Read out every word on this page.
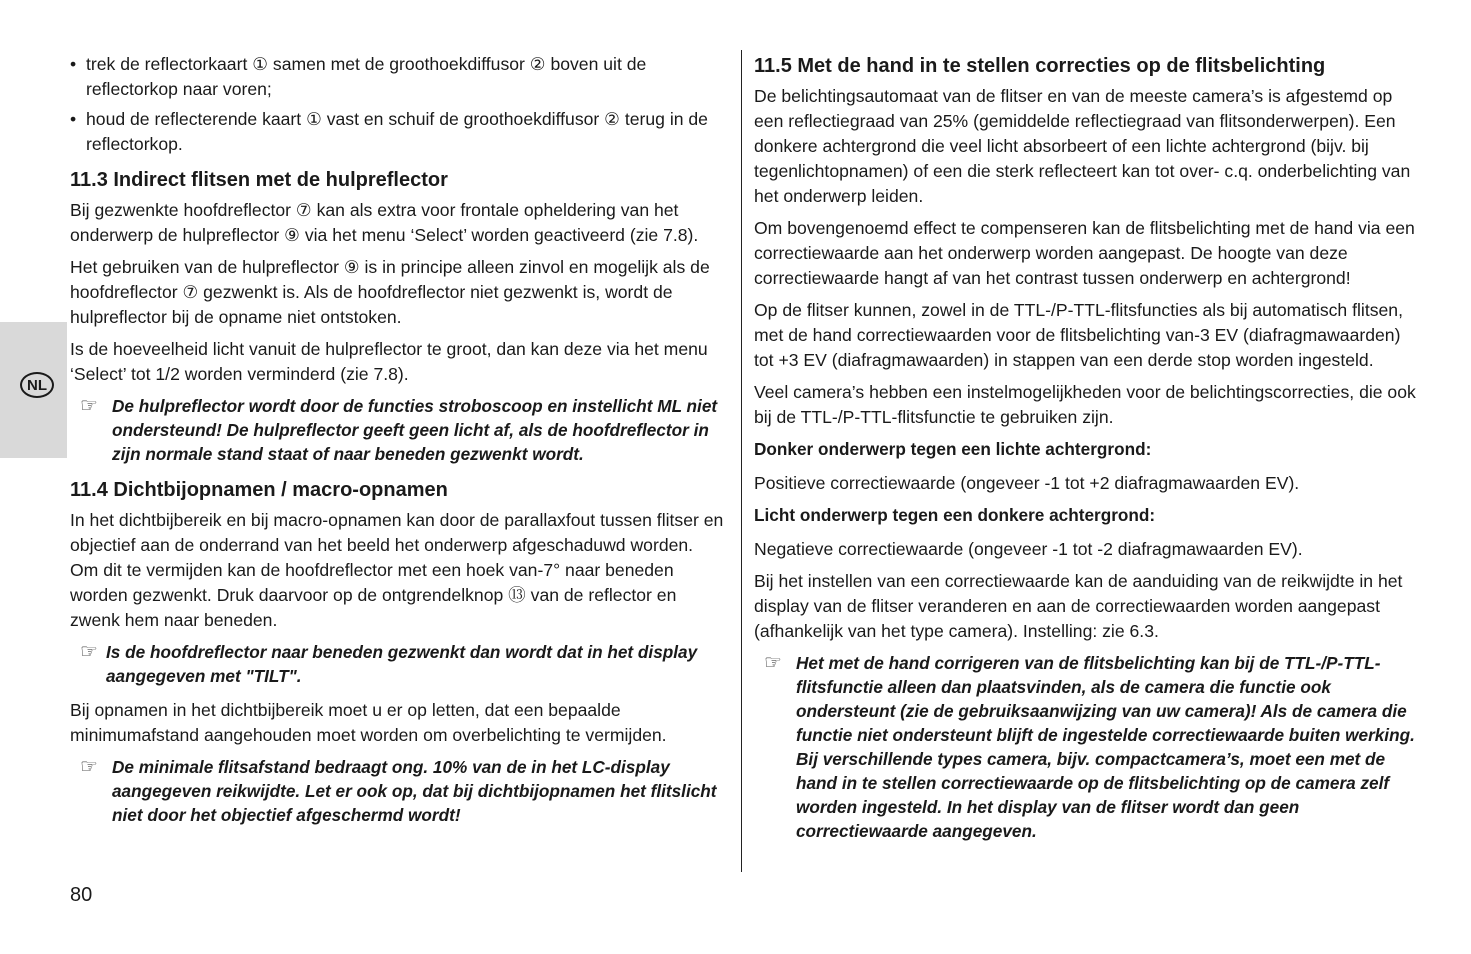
NL
• trek de reflectorkaart ① samen met de groothoekdiffusor ② boven uit de reflectorkop naar voren;
• houd de reflecterende kaart ① vast en schuif de groothoekdiffusor ② terug in de reflectorkop.
11.3 Indirect flitsen met de hulpreflector

Bij gezwenkte hoofdreflector ⑦ kan als extra voor frontale opheldering van het onderwerp de hulpreflector ⑨ via het menu ‘Select’ worden geactiveerd (zie 7.8).

Het gebruiken van de hulpreflector ⑨ is in principe alleen zinvol en mogelijk als de hoofdreflector ⑦ gezwenkt is. Als de hoofdreflector niet gezwenkt is, wordt de hulpreflector bij de opname niet ontstoken.

Is de hoeveelheid licht vanuit de hulpreflector te groot, dan kan deze via het menu ‘Select’ tot 1/2 worden verminderd (zie 7.8).

☞ De hulpreflector wordt door de functies stroboscoop en instellicht ML niet ondersteund! De hulpreflector geeft geen licht af, als de hoofdreflector in zijn normale stand staat of naar beneden gezwenkt wordt.
11.4 Dichtbijopnamen / macro-opnamen

In het dichtbijbereik en bij macro-opnamen kan door de parallaxfout tussen flitser en objectief aan de onderrand van het beeld het onderwerp afgeschaduwd worden. Om dit te vermijden kan de hoofdreflector met een hoek van-7° naar beneden worden gezwenkt. Druk daarvoor op de ontgrendelknop ⑬ van de reflector en zwenk hem naar beneden.

☞ Is de hoofdreflector naar beneden gezwenkt dan wordt dat in het display aangegeven met "TILT".

Bij opnamen in het dichtbijbereik moet u er op letten, dat een bepaalde minimumafstand aangehouden moet worden om overbelichting te vermijden.

☞ De minimale flitsafstand bedraagt ong. 10% van de in het LC-display aangegeven reikwijdte. Let er ook op, dat bij dichtbijopnamen het flitslicht niet door het objectief afgeschermd wordt!
11.5 Met de hand in te stellen correcties op de flitsbelichting

De belichtingsautomaat van de flitser en van de meeste camera’s is afgestemd op een reflectiegraad van 25% (gemiddelde reflectiegraad van flitsonderwerpen). Een donkere achtergrond die veel licht absorbeert of een lichte achtergrond (bijv. bij tegenlichtopnamen) of een die sterk reflecteert kan tot over- c.q. onderbelichting van het onderwerp leiden.

Om bovengenoemd effect te compenseren kan de flitsbelichting met de hand via een correctiewaarde aan het onderwerp worden aangepast. De hoogte van deze correctiewaarde hangt af van het contrast tussen onderwerp en achtergrond!

Op de flitser kunnen, zowel in de TTL-/P-TTL-flitsfuncties als bij automatisch flitsen, met de hand correctiewaarden voor de flitsbelichting van-3 EV (diafragmawaarden) tot +3 EV (diafragmawaarden) in stappen van een derde stop worden ingesteld.

Veel camera’s hebben een instelmogelijkheden voor de belichtingscorrecties, die ook bij de TTL-/P-TTL-flitsfunctie te gebruiken zijn.

Donker onderwerp tegen een lichte achtergrond:

Positieve correctiewaarde (ongeveer -1 tot +2 diafragmawaarden EV).

Licht onderwerp tegen een donkere achtergrond:

Negatieve correctiewaarde (ongeveer -1 tot -2 diafragmawaarden EV).

Bij het instellen van een correctiewaarde kan de aanduiding van de reikwijdte in het display van de flitser veranderen en aan de correctiewaarden worden aangepast (afhankelijk van het type camera). Instelling: zie 6.3.

☞ Het met de hand corrigeren van de flitsbelichting kan bij de TTL-/P-TTL-flitsfunctie alleen dan plaatsvinden, als de camera die functie ook ondersteunt (zie de gebruiksaanwijzing van uw camera)! Als de camera die functie niet ondersteunt blijft de ingestelde correctiewaarde buiten werking. Bij verschillende types camera, bijv. compactcamera’s, moet een met de hand in te stellen correctiewaarde op de flitsbelichting op de camera zelf worden ingesteld. In het display van de flitser wordt dan geen correctiewaarde aangegeven.
80
